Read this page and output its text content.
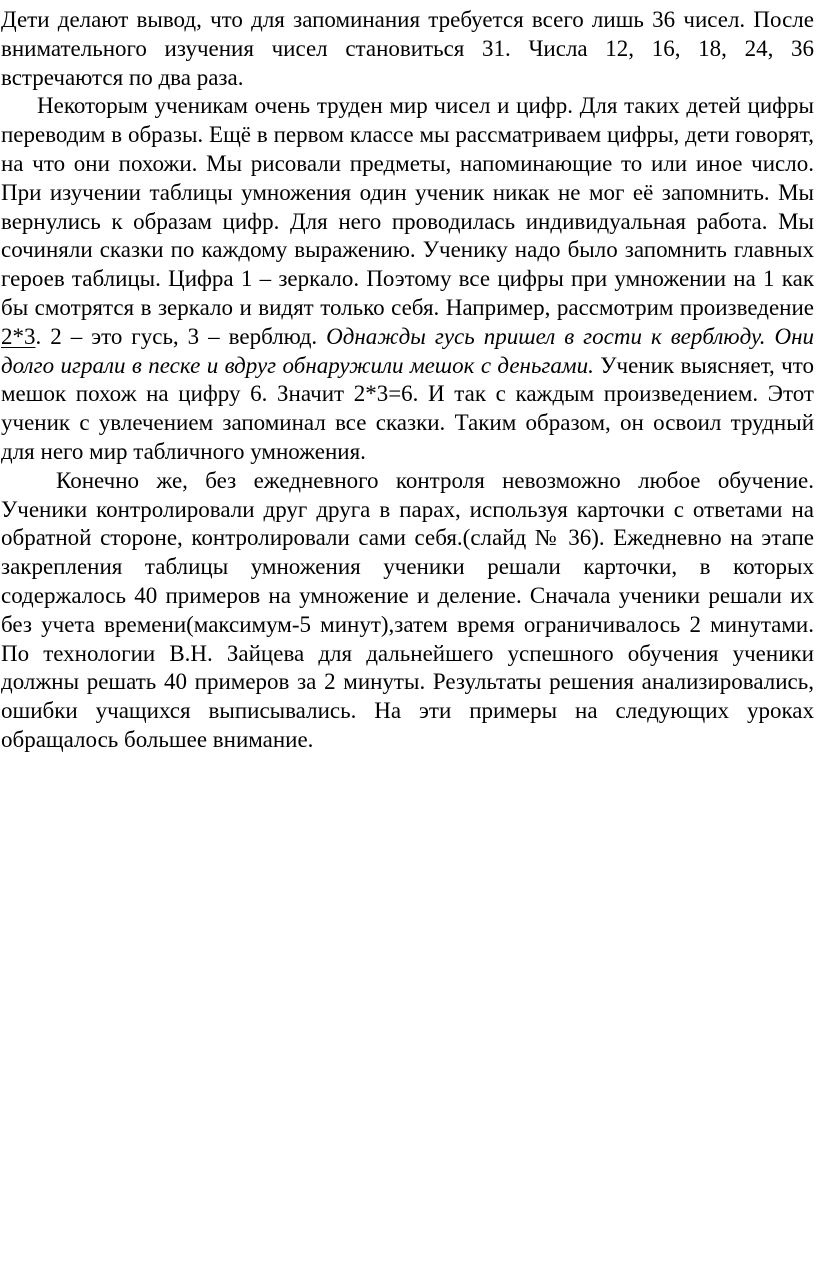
Дети делают вывод, что для запоминания требуется всего лишь 36 чисел. После внимательного изучения чисел становиться 31. Числа 12, 16, 18, 24, 36 встречаются по два раза.

Некоторым ученикам очень труден мир чисел и цифр. Для таких детей цифры переводим в образы. Ещё в первом классе мы рассматриваем цифры, дети говорят, на что они похожи. Мы рисовали предметы, напоминающие то или иное число. При изучении таблицы умножения один ученик никак не мог её запомнить. Мы вернулись к образам цифр. Для него проводилась индивидуальная работа. Мы сочиняли сказки по каждому выражению. Ученику надо было запомнить главных героев таблицы. Цифра 1 – зеркало. Поэтому все цифры при умножении на 1 как бы смотрятся в зеркало и видят только себя. Например, рассмотрим произведение 2*3. 2 – это гусь, 3 – верблюд. Однажды гусь пришел в гости к верблюду. Они долго играли в песке и вдруг обнаружили мешок с деньгами. Ученик выясняет, что мешок похож на цифру 6. Значит 2*3=6. И так с каждым произведением. Этот ученик с увлечением запоминал все сказки. Таким образом, он освоил трудный для него мир табличного умножения.

Конечно же, без ежедневного контроля невозможно любое обучение. Ученики контролировали друг друга в парах, используя карточки с ответами на обратной стороне, контролировали сами себя.(слайд № 36). Ежедневно на этапе закрепления таблицы умножения ученики решали карточки, в которых содержалось 40 примеров на умножение и деление. Сначала ученики решали их без учета времени(максимум-5 минут),затем время ограничивалось 2 минутами. По технологии В.Н. Зайцева для дальнейшего успешного обучения ученики должны решать 40 примеров за 2 минуты. Результаты решения анализировались, ошибки учащихся выписывались. На эти примеры на следующих уроках обращалось большее внимание.
